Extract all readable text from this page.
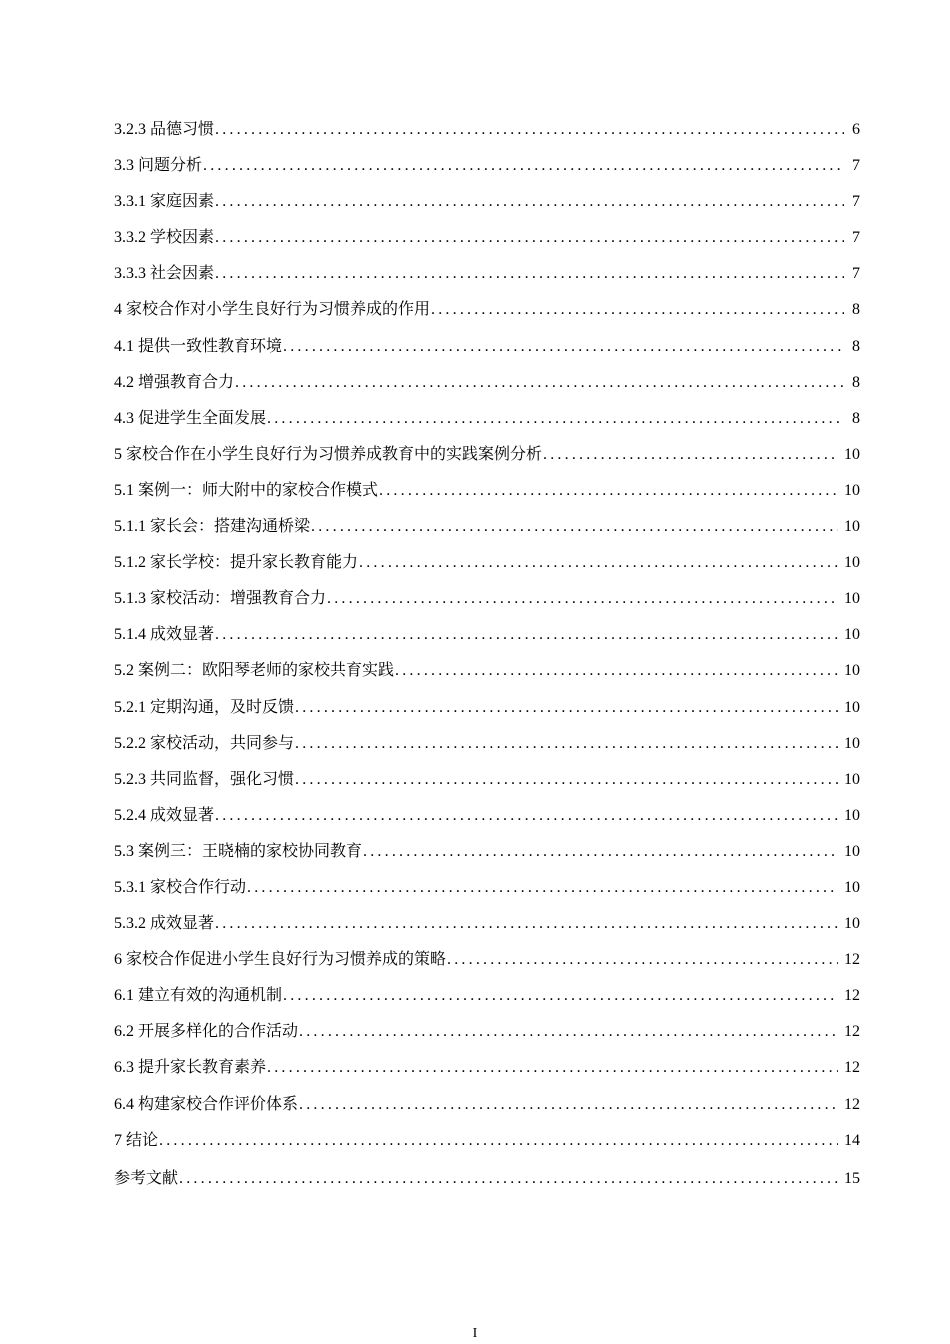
3.2.3 品德习惯 .....	6
3.3 问题分析 .....	7
3.3.1 家庭因素 .....	7
3.3.2 学校因素 .....	7
3.3.3 社会因素 .....	7
4 家校合作对小学生良好行为习惯养成的作用 .....	8
4.1 提供一致性教育环境 .....	8
4.2 增强教育合力 .....	8
4.3 促进学生全面发展 .....	8
5 家校合作在小学生良好行为习惯养成教育中的实践案例分析 .....	10
5.1 案例一：师大附中的家校合作模式 .....	10
5.1.1 家长会：搭建沟通桥梁 .....	10
5.1.2 家长学校：提升家长教育能力 .....	10
5.1.3 家校活动：增强教育合力 .....	10
5.1.4 成效显著 .....	10
5.2 案例二：欧阳琴老师的家校共育实践 .....	10
5.2.1 定期沟通，及时反馈 .....	10
5.2.2 家校活动，共同参与 .....	10
5.2.3 共同监督，强化习惯 .....	10
5.2.4 成效显著 .....	10
5.3 案例三：王晓楠的家校协同教育 .....	10
5.3.1 家校合作行动 .....	10
5.3.2 成效显著 .....	10
6 家校合作促进小学生良好行为习惯养成的策略 .....	12
6.1 建立有效的沟通机制 .....	12
6.2 开展多样化的合作活动 .....	12
6.3 提升家长教育素养 .....	12
6.4 构建家校合作评价体系 .....	12
7 结论 .....	14
参考文献 .....	15
I
